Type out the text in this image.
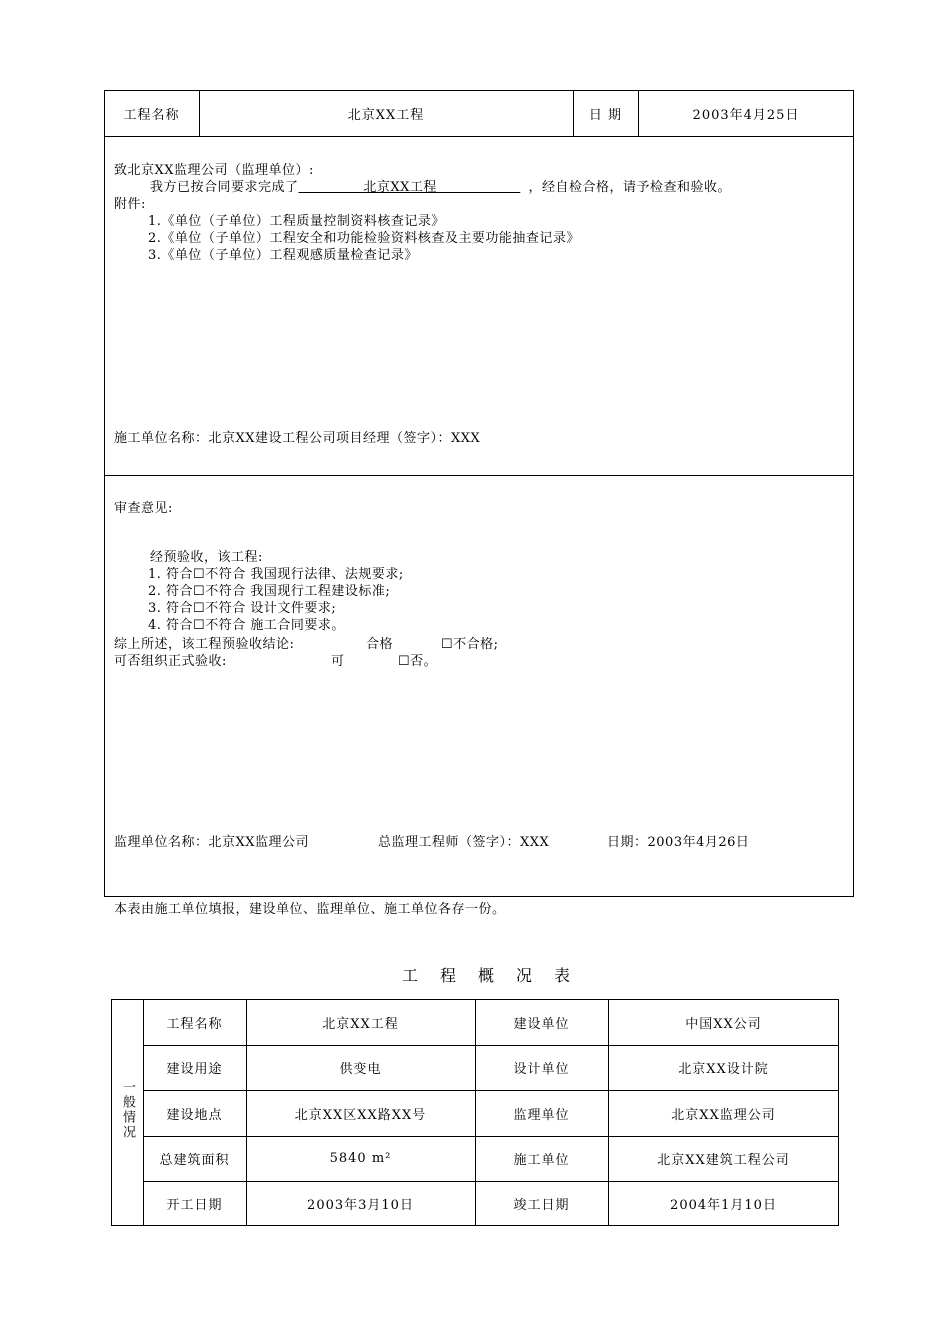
工程名称	北京XX工程	日 期	2003年4月25日
致北京XX监理公司（监理单位）:
我方已按合同要求完成了	北京XX工程	，经自检合格，请予检查和验收。
附件:
1.《单位（子单位）工程质量控制资料核查记录》
2.《单位（子单位）工程安全和功能检验资料核查及主要功能抽查记录》
3.《单位（子单位）工程观感质量检查记录》
施工单位名称：北京XX建设工程公司项目经理（签字）：XXX
审查意见:
经预验收，该工程:
1. 符合☐不符合 我国现行法律、法规要求;
2. 符合☐不符合 我国现行工程建设标准;
3. 符合☐不符合 设计文件要求;
4. 符合☐不符合 施工合同要求。
综上所述，该工程预验收结论:	合格	☐不合格;
可否组织正式验收:	可	☐否。
监理单位名称：北京XX监理公司	总监理工程师（签字）：XXX	日期：2003年4月26日
本表由施工单位填报，建设单位、监理单位、施工单位各存一份。
工程概况表
一般情况
工程名称	北京XX工程	建设单位	中国XX公司
建设用途	供变电	设计单位	北京XX设计院
建设地点	北京XX区XX路XX号	监理单位	北京XX监理公司
总建筑面积	5840 m²	施工单位	北京XX建筑工程公司
开工日期	2003年3月10日	竣工日期	2004年1月10日
